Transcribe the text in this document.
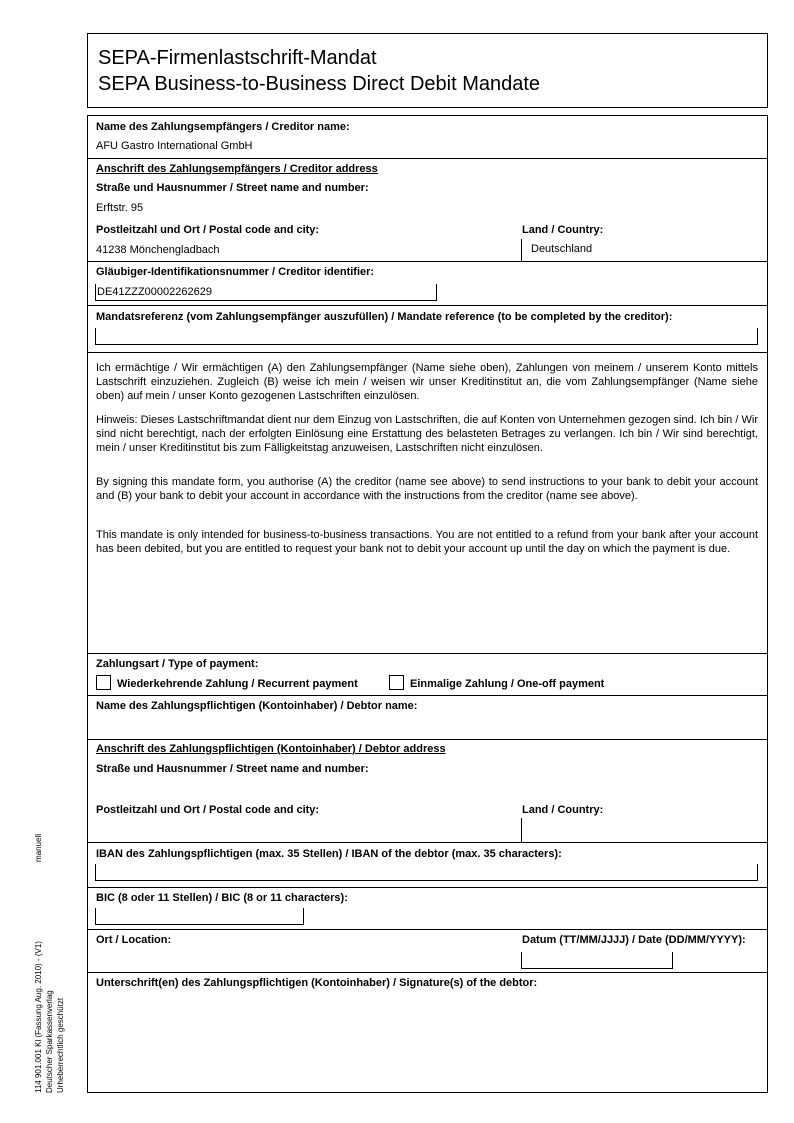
SEPA-Firmenlastschrift-Mandat
SEPA Business-to-Business Direct Debit Mandate
Name des Zahlungsempfängers / Creditor name:
AFU Gastro International GmbH
Anschrift des Zahlungsempfängers / Creditor address
Straße und Hausnummer / Street name and number:
Erftstr. 95
Postleitzahl und Ort / Postal code and city:
41238 Mönchengladbach
Land / Country:
Deutschland
Gläubiger-Identifikationsnummer / Creditor identifier:
DE41ZZZ00002262629
Mandatsreferenz (vom Zahlungsempfänger auszufüllen) / Mandate reference (to be completed by the creditor):
Ich ermächtige / Wir ermächtigen (A) den Zahlungsempfänger (Name siehe oben), Zahlungen von meinem / unserem Konto mittels Lastschrift einzuziehen. Zugleich (B) weise ich mein / weisen wir unser Kreditinstitut an, die vom Zahlungsempfänger (Name siehe oben) auf mein / unser Konto gezogenen Lastschriften einzulösen.
Hinweis: Dieses Lastschriftmandat dient nur dem Einzug von Lastschriften, die auf Konten von Unternehmen gezogen sind. Ich bin / Wir sind nicht berechtigt, nach der erfolgten Einlösung eine Erstattung des belasteten Betrages zu verlangen. Ich bin / Wir sind berechtigt, mein / unser Kreditinstitut bis zum Fälligkeitstag anzuweisen, Lastschriften nicht einzulösen.
By signing this mandate form, you authorise (A) the creditor (name see above) to send instructions to your bank to debit your account and (B) your bank to debit your account in accordance with the instructions from the creditor (name see above).
This mandate is only intended for business-to-business transactions. You are not entitled to a refund from your bank after your account has been debited, but you are entitled to request your bank not to debit your account up until the day on which the payment is due.
Zahlungsart / Type of payment:
Wiederkehrende Zahlung / Recurrent payment	Einmalige Zahlung / One-off payment
Name des Zahlungspflichtigen (Kontoinhaber) / Debtor name:
Anschrift des Zahlungspflichtigen (Kontoinhaber) / Debtor address
Straße und Hausnummer / Street name and number:
Postleitzahl und Ort / Postal code and city:	Land / Country:
IBAN des Zahlungspflichtigen (max. 35 Stellen) / IBAN of the debtor (max. 35 characters):
BIC (8 oder 11 Stellen) / BIC (8 or 11 characters):
Ort / Location:	Datum (TT/MM/JJJJ) / Date (DD/MM/YYYY):
Unterschrift(en) des Zahlungspflichtigen (Kontoinhaber) / Signature(s) of the debtor:
manuell
114 901.001 Kl (Fassung Aug. 2010) - (V1) Deutscher Sparkassenverlag Urheberrechtlich geschützt
